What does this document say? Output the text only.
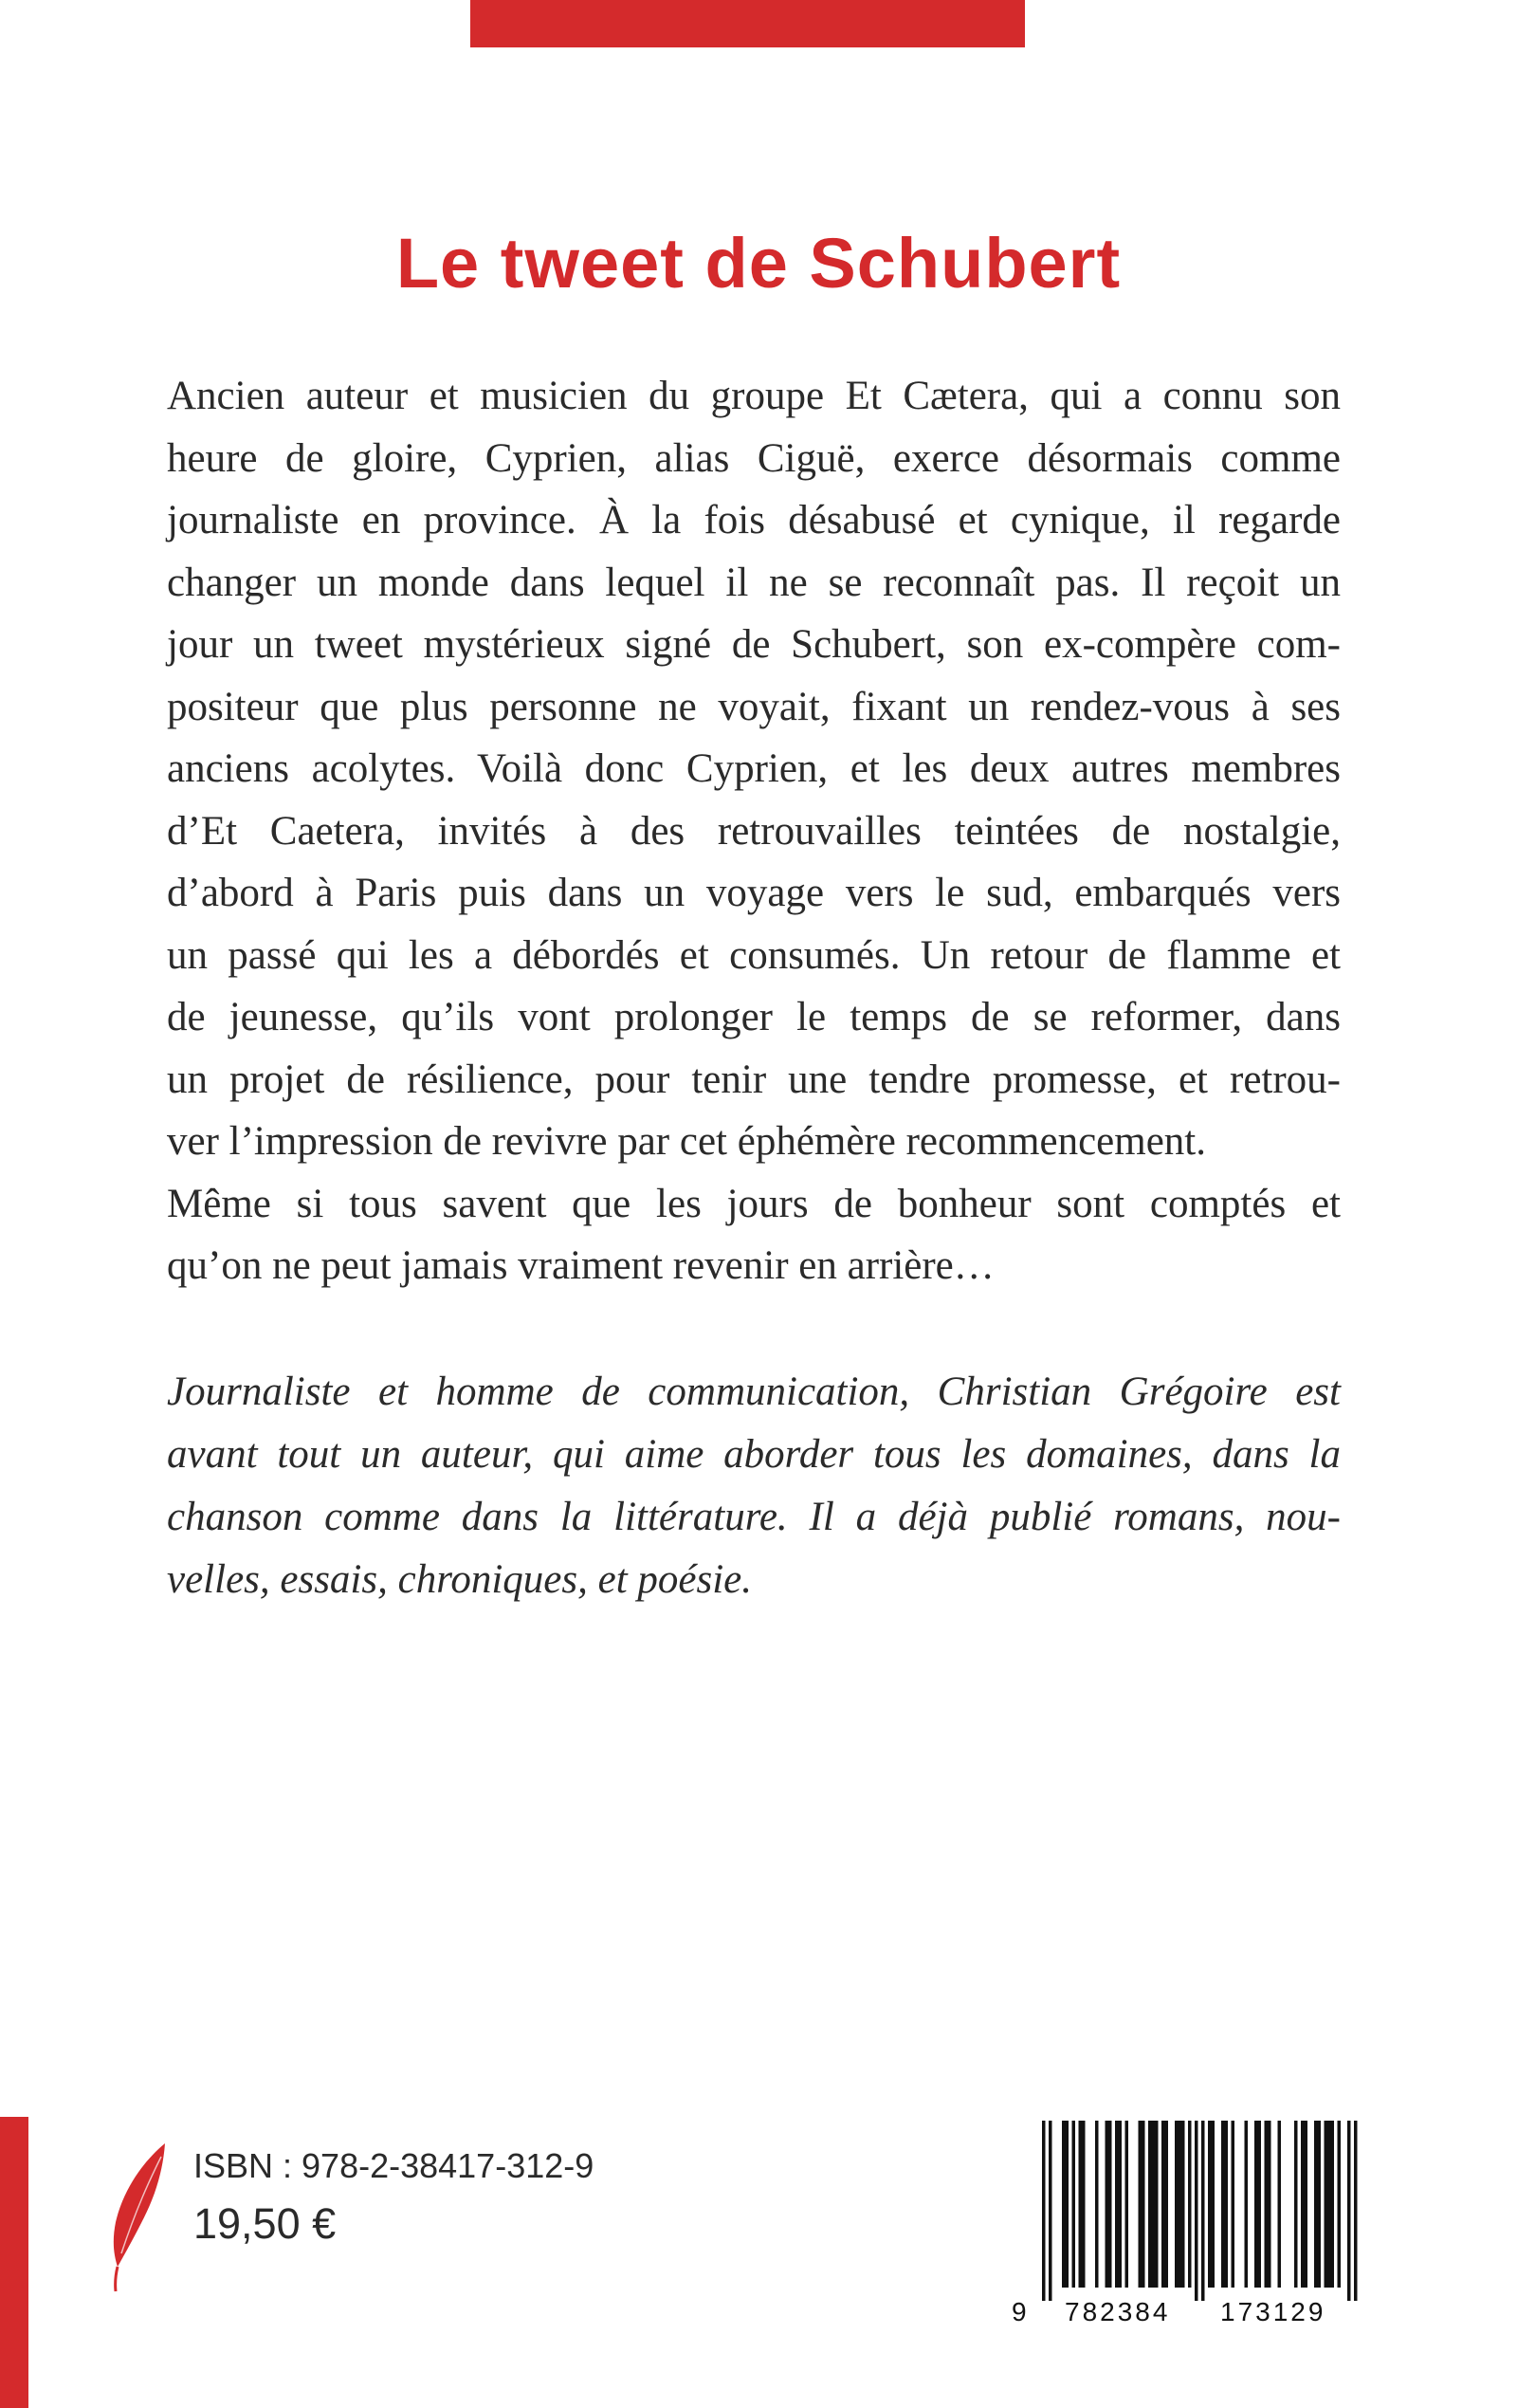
Le tweet de Schubert
Ancien auteur et musicien du groupe Et Cætera, qui a connu son
heure de gloire, Cyprien, alias Ciguë, exerce désormais comme
journaliste en province. À la fois désabusé et cynique, il regarde
changer un monde dans lequel il ne se reconnaît pas. Il reçoit un
jour un tweet mystérieux signé de Schubert, son ex-compère com-
positeur que plus personne ne voyait, fixant un rendez-vous à ses
anciens acolytes. Voilà donc Cyprien, et les deux autres membres
d’Et Caetera, invités à des retrouvailles teintées de nostalgie,
d’abord à Paris puis dans un voyage vers le sud, embarqués vers
un passé qui les a débordés et consumés. Un retour de flamme et
de jeunesse, qu’ils vont prolonger le temps de se reformer, dans
un projet de résilience, pour tenir une tendre promesse, et retrou-
ver l’impression de revivre par cet éphémère recommencement.
Même si tous savent que les jours de bonheur sont comptés et
qu’on ne peut jamais vraiment revenir en arrière…
Journaliste et homme de communication, Christian Grégoire est
avant tout un auteur, qui aime aborder tous les domaines, dans la
chanson comme dans la littérature. Il a déjà publié romans, nou-
velles, essais, chroniques, et poésie.
ISBN : 978-2-38417-312-9
19,50 €
9 782384 173129
